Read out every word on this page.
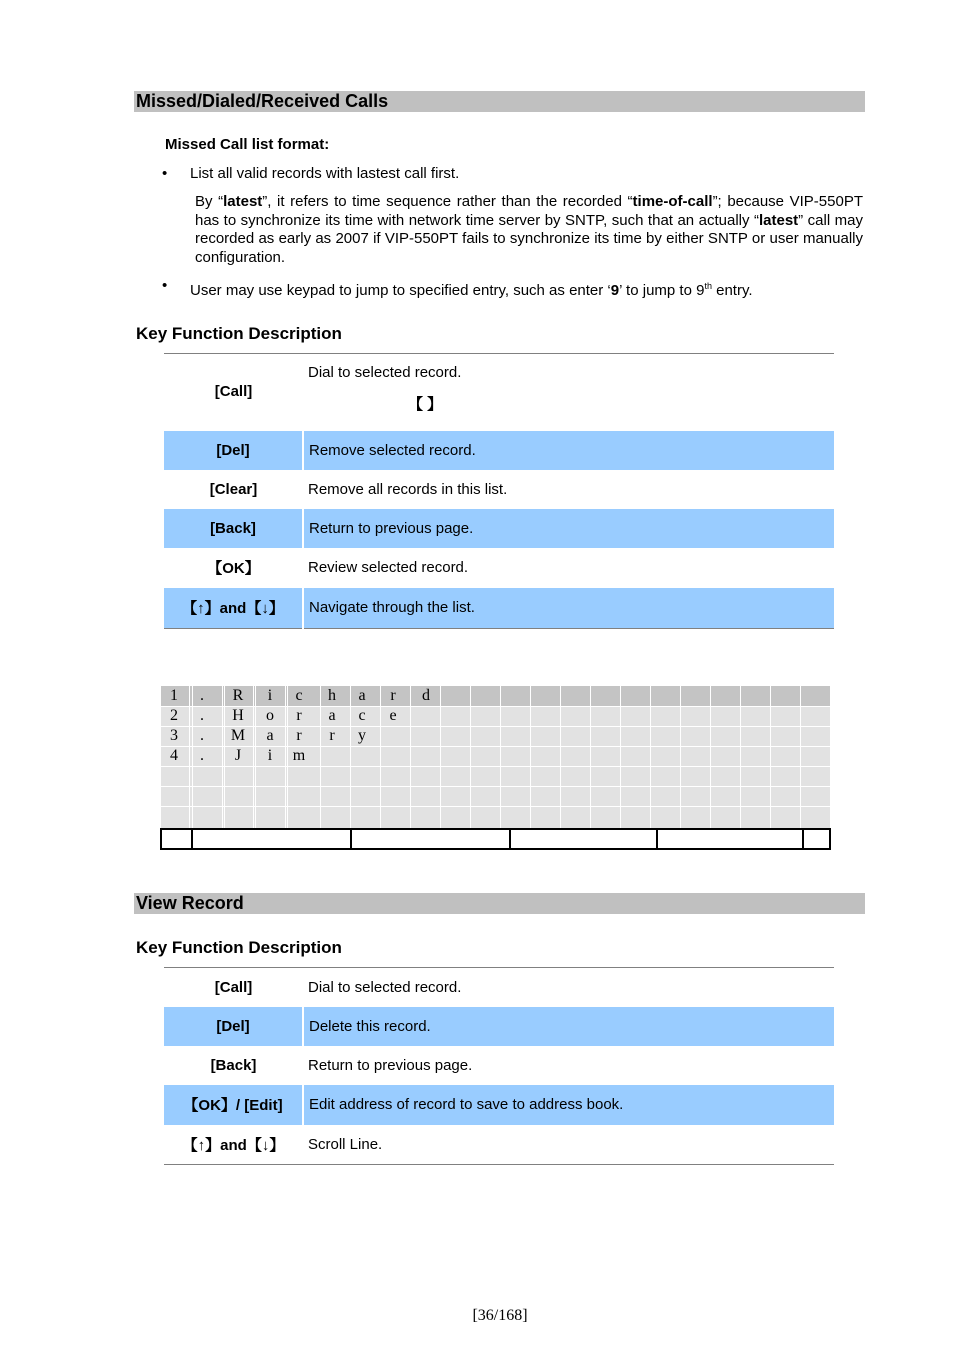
Missed/Dialed/Received Calls
Missed Call list format:
• List all valid records with lastest call first.
By “latest”, it refers to time sequence rather than the recorded “time-of-call”; because VIP-550PT has to synchronize its time with network time server by SNTP, such that an actually “latest” call may recorded as early as 2007 if VIP-550PT fails to synchronize its time by either SNTP or user manually configuration.
• User may use keypad to jump to specified entry, such as enter ‘9’ to jump to 9th entry.
Key Function Description
[Call]	Dial to selected record.
【 】

[Del]	Remove selected record.
[Clear]	Remove all records in this list.
[Back]	Return to previous page.
【OK】	Review selected record.
【↑】and【↓】	Navigate through the list.
1	.	R	i	c	h	a	r	d
2	.	H	o	r	a	c	e
3	.	M	a	r	r	y
4	.	J	i	m
View Record
Key Function Description
[Call]	Dial to selected record.
[Del]	Delete this record.
[Back]	Return to previous page.
【OK】/ [Edit]	Edit address of record to save to address book.
【↑】and【↓】	Scroll Line.
[36/168]
